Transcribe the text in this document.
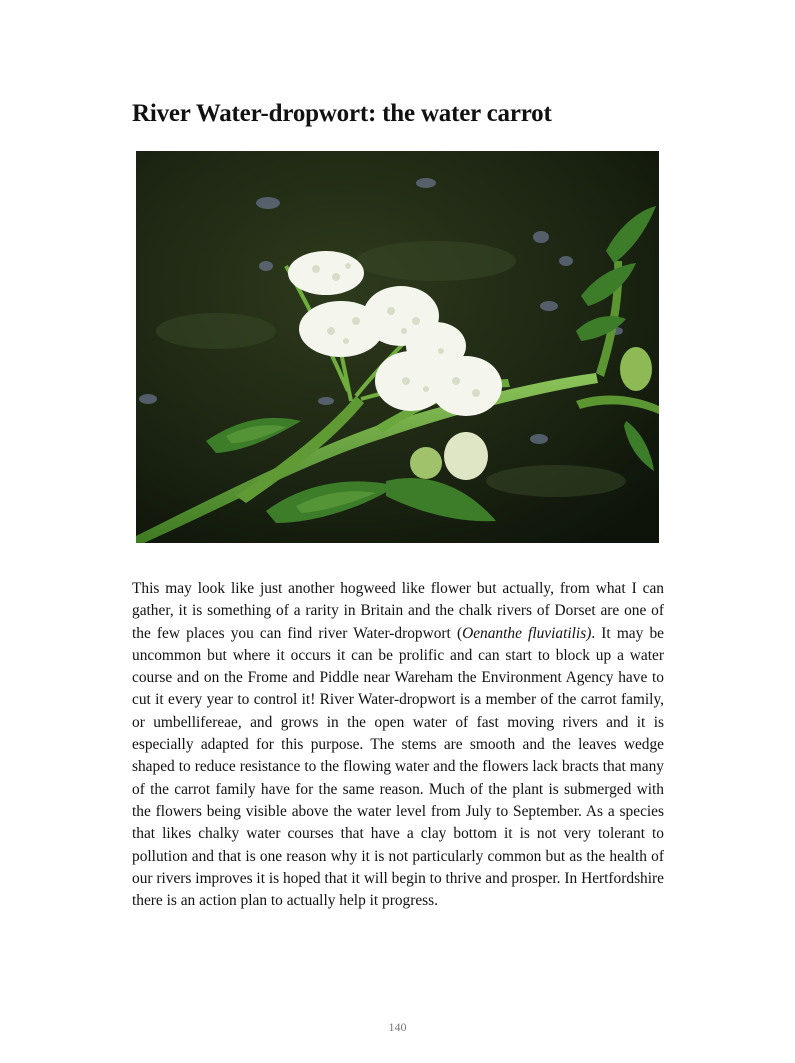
River Water-dropwort: the water carrot

This may look like just another hogweed like flower but actually, from what I can gather, it is something of a rarity in Britain and the chalk rivers of Dorset are one of the few places you can find river Water-dropwort (Oenanthe fluviatilis). It may be uncommon but where it occurs it can be prolific and can start to block up a water course and on the Frome and Piddle near Wareham the Environment Agency have to cut it every year to control it! River Water-dropwort is a member of the carrot family, or umbellifereae, and grows in the open water of fast moving rivers and it is especially adapted for this purpose. The stems are smooth and the leaves wedge shaped to reduce resistance to the flowing water and the flowers lack bracts that many of the carrot family have for the same reason. Much of the plant is submerged with the flowers being visible above the water level from July to September. As a species that likes chalky water courses that have a clay bottom it is not very tolerant to pollution and that is one reason why it is not particularly common but as the health of our rivers improves it is hoped that it will begin to thrive and prosper. In Hertfordshire there is an action plan to actually help it progress.

140
